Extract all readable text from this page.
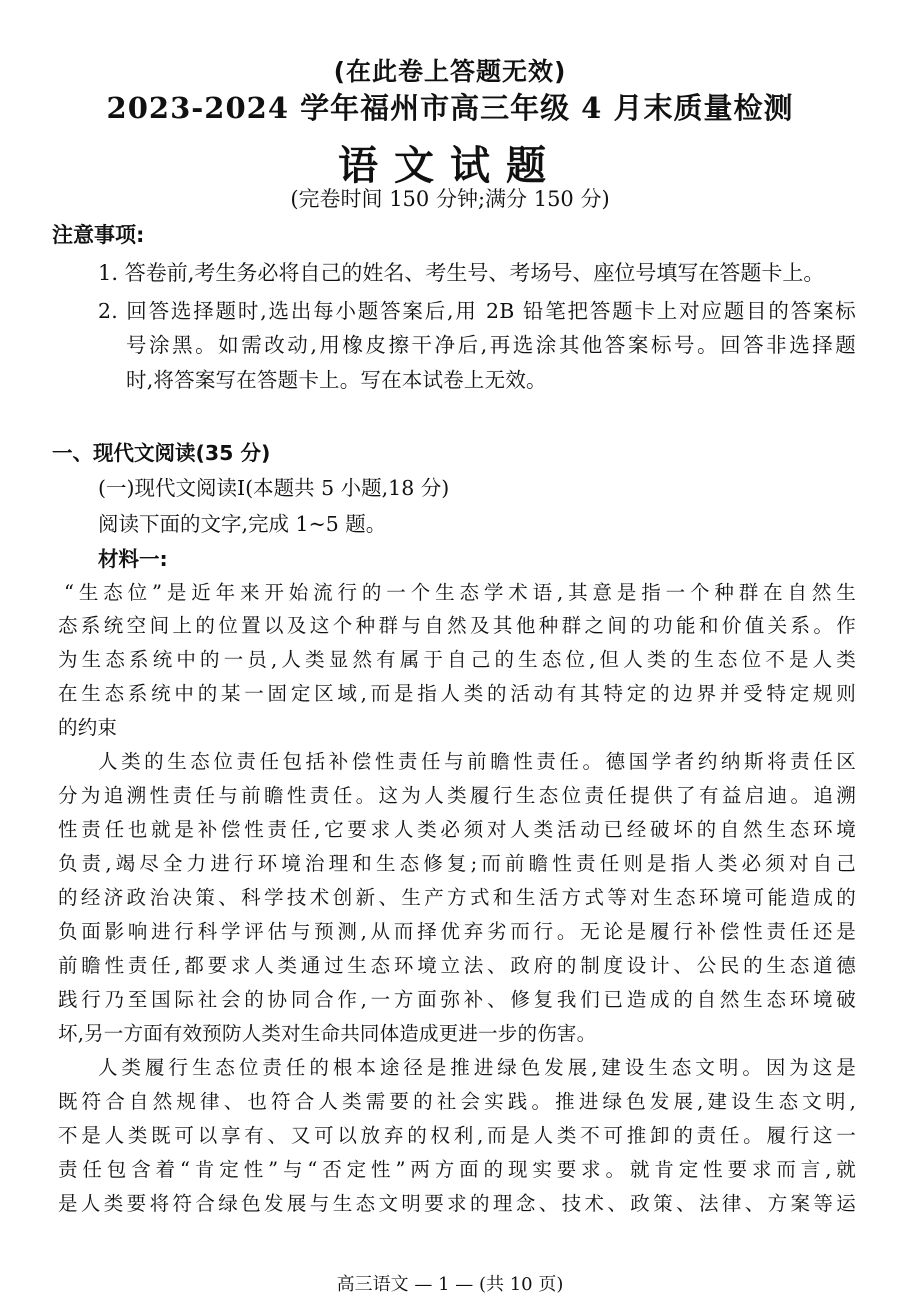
(在此卷上答题无效)
2023-2024 学年福州市高三年级 4 月末质量检测
语文试题
(完卷时间 150 分钟;满分 150 分)
注意事项:
1. 答卷前,考生务必将自己的姓名、考生号、考场号、座位号填写在答题卡上。
2. 回答选择题时,选出每小题答案后,用 2B 铅笔把答题卡上对应题目的答案标
号涂黑。如需改动,用橡皮擦干净后,再选涂其他答案标号。回答非选择题
时,将答案写在答题卡上。写在本试卷上无效。
一、现代文阅读(35 分)
(一)现代文阅读Ⅰ(本题共 5 小题,18 分)
阅读下面的文字,完成 1~5 题。
材料一:
“生态位”是近年来开始流行的一个生态学术语,其意是指一个种群在自然生
态系统空间上的位置以及这个种群与自然及其他种群之间的功能和价值关系。作
为生态系统中的一员,人类显然有属于自己的生态位,但人类的生态位不是人类
在生态系统中的某一固定区域,而是指人类的活动有其特定的边界并受特定规则
的约束
人类的生态位责任包括补偿性责任与前瞻性责任。德国学者约纳斯将责任区
分为追溯性责任与前瞻性责任。这为人类履行生态位责任提供了有益启迪。追溯
性责任也就是补偿性责任,它要求人类必须对人类活动已经破坏的自然生态环境
负责,竭尽全力进行环境治理和生态修复;而前瞻性责任则是指人类必须对自己
的经济政治决策、科学技术创新、生产方式和生活方式等对生态环境可能造成的
负面影响进行科学评估与预测,从而择优弃劣而行。无论是履行补偿性责任还是
前瞻性责任,都要求人类通过生态环境立法、政府的制度设计、公民的生态道德
践行乃至国际社会的协同合作,一方面弥补、修复我们已造成的自然生态环境破
坏,另一方面有效预防人类对生命共同体造成更进一步的伤害。
人类履行生态位责任的根本途径是推进绿色发展,建设生态文明。因为这是
既符合自然规律、也符合人类需要的社会实践。推进绿色发展,建设生态文明,
不是人类既可以享有、又可以放弃的权利,而是人类不可推卸的责任。履行这一
责任包含着“肯定性”与“否定性”两方面的现实要求。就肯定性要求而言,就
是人类要将符合绿色发展与生态文明要求的理念、技术、政策、法律、方案等运
高三语文 — 1 — (共 10 页)
